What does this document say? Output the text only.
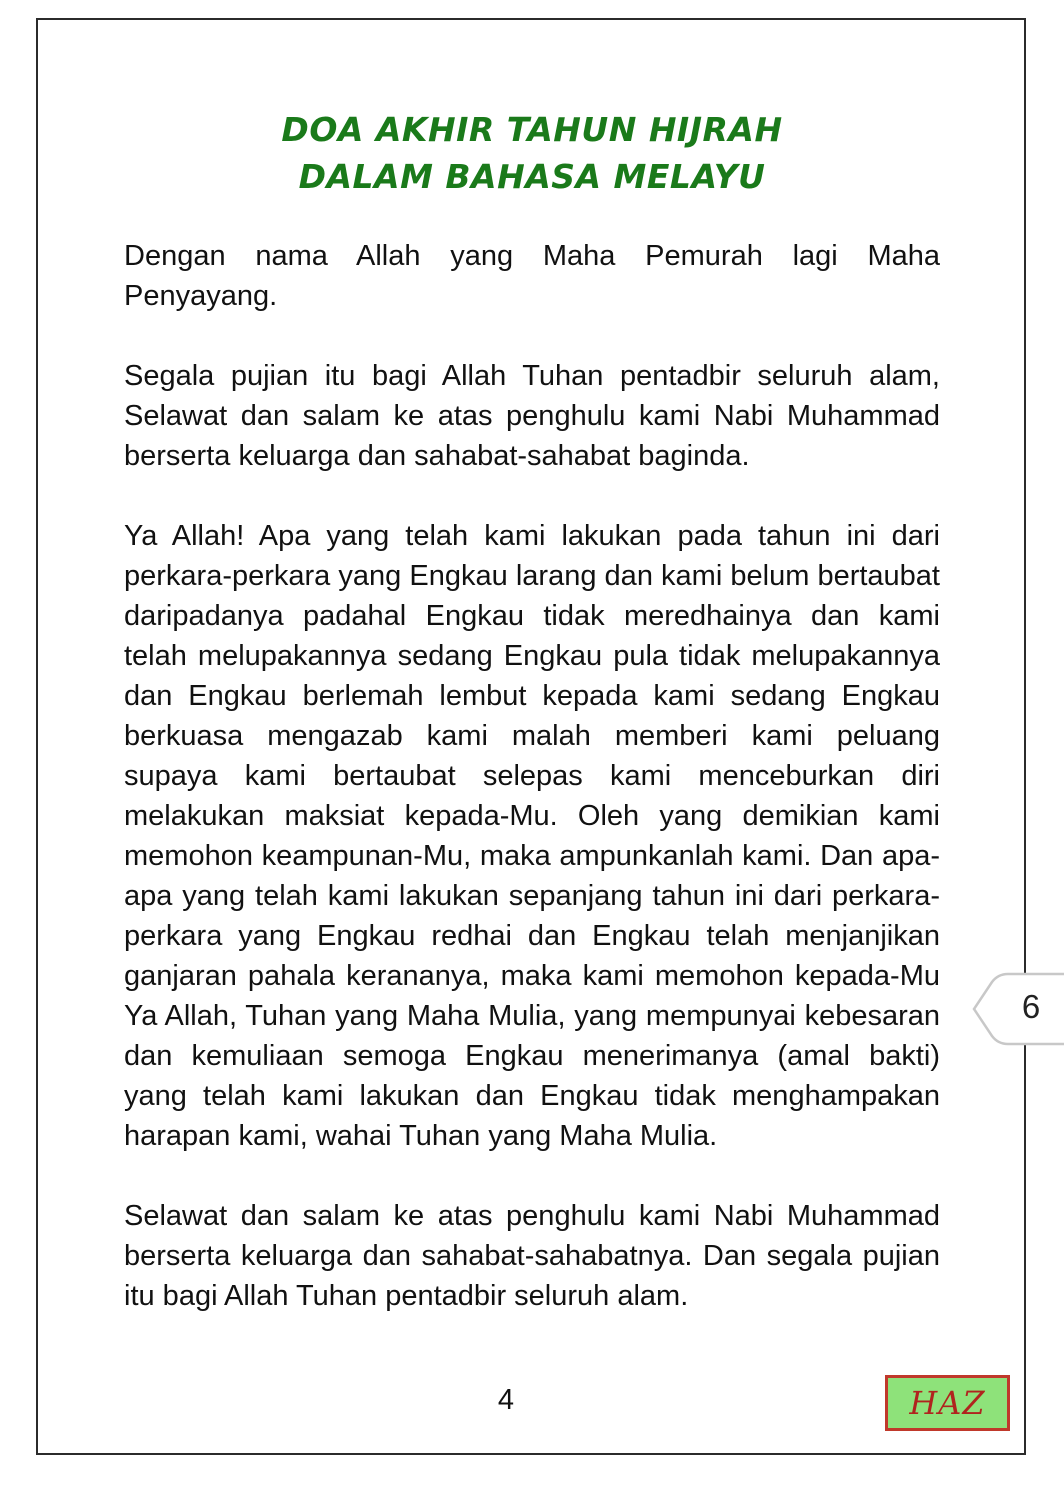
DOA AKHIR TAHUN HIJRAH
DALAM BAHASA MELAYU

Dengan nama Allah yang Maha Pemurah lagi Maha Penyayang.

Segala pujian itu bagi Allah Tuhan pentadbir seluruh alam, Selawat dan salam ke atas penghulu kami Nabi Muhammad berserta keluarga dan sahabat-sahabat baginda.

Ya Allah! Apa yang telah kami lakukan pada tahun ini dari perkara-perkara yang Engkau larang dan kami belum bertaubat daripadanya padahal Engkau tidak meredhainya dan kami telah melupakannya sedang Engkau pula tidak melupakannya dan Engkau berlemah lembut kepada kami sedang Engkau berkuasa mengazab kami malah memberi kami peluang supaya kami bertaubat selepas kami menceburkan diri melakukan maksiat kepada-Mu. Oleh yang demikian kami memohon keampunan-Mu, maka ampunkanlah kami. Dan apa-apa yang telah kami lakukan sepanjang tahun ini dari perkara-perkara yang Engkau redhai dan Engkau telah menjanjikan ganjaran pahala kerananya, maka kami memohon kepada-Mu Ya Allah, Tuhan yang Maha Mulia, yang mempunyai kebesaran dan kemuliaan semoga Engkau menerimanya (amal bakti) yang telah kami lakukan dan Engkau tidak menghampakan harapan kami, wahai Tuhan yang Maha Mulia.

Selawat dan salam ke atas penghulu kami Nabi Muhammad berserta keluarga dan sahabat-sahabatnya. Dan segala pujian itu bagi Allah Tuhan pentadbir seluruh alam.

4
6
HAZ
